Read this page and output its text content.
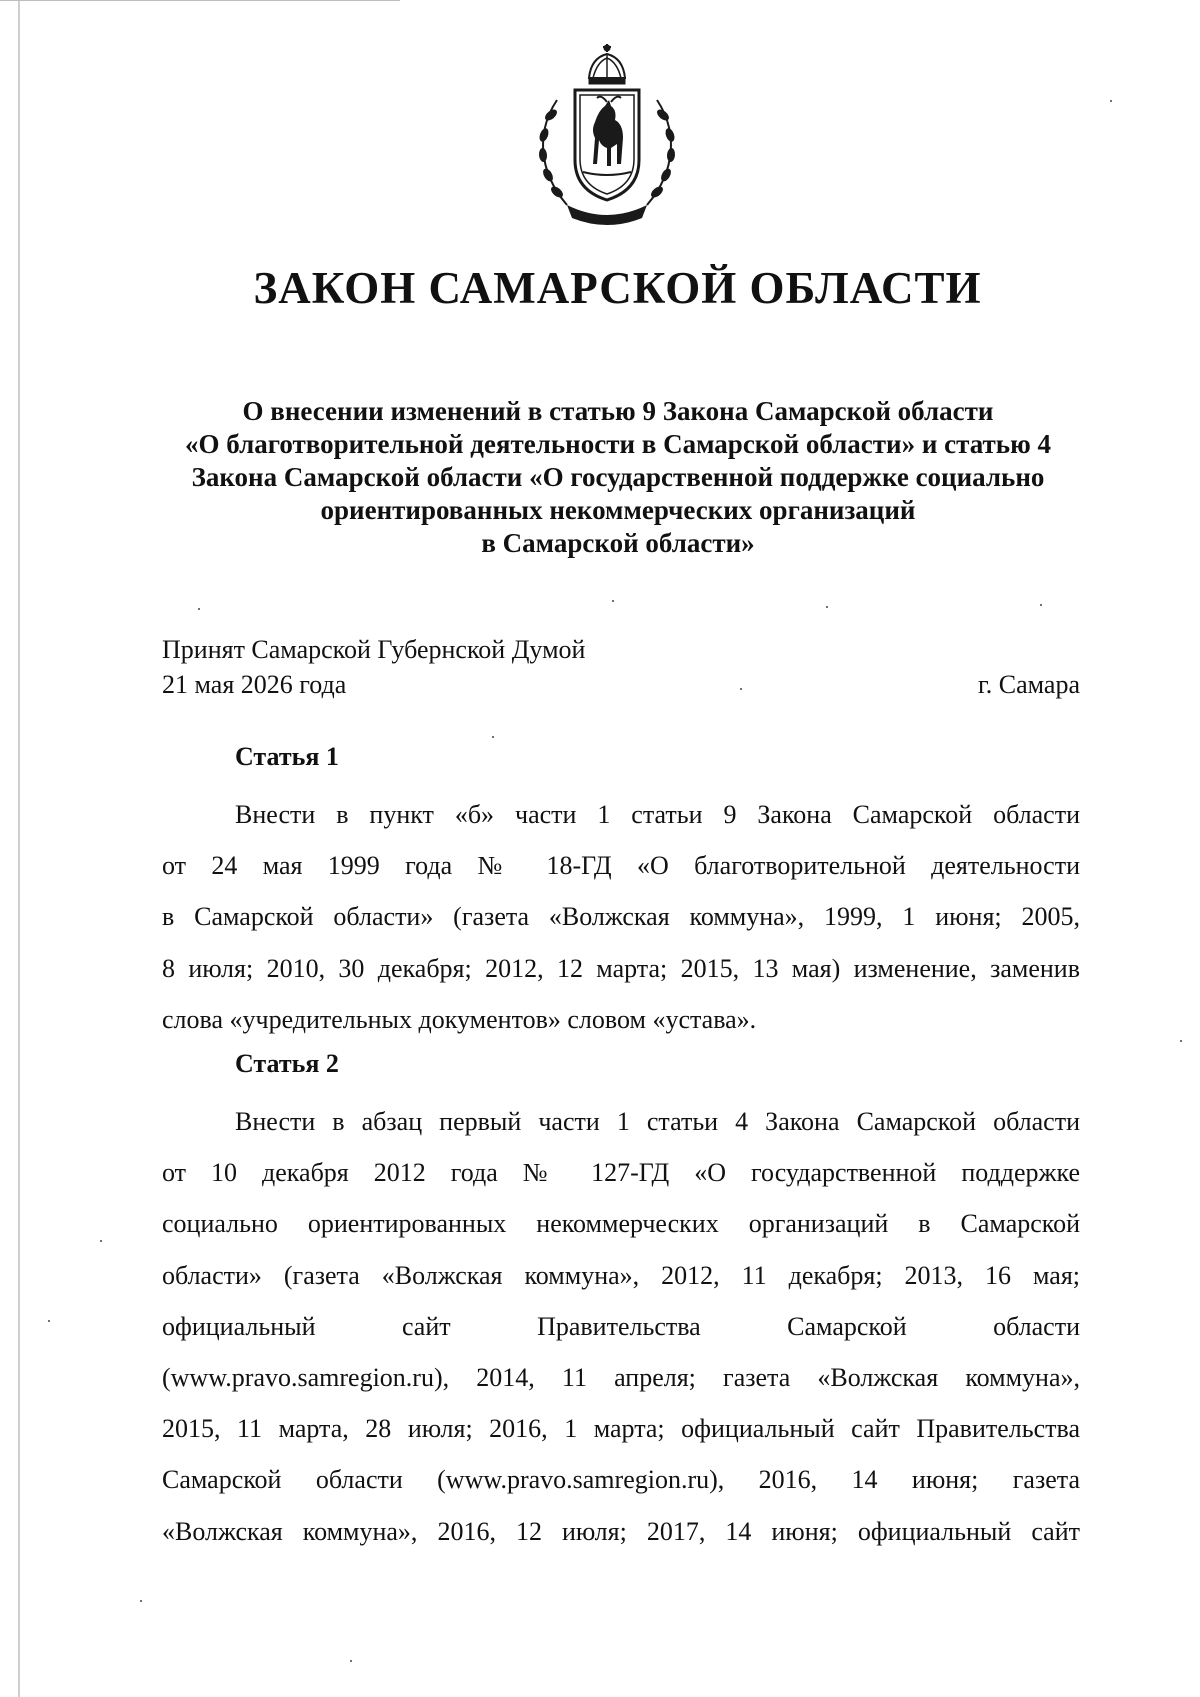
ЗАКОН САМАРСКОЙ ОБЛАСТИ
О внесении изменений в статью 9 Закона Самарской области
«О благотворительной деятельности в Самарской области» и статью 4
Закона Самарской области «О государственной поддержке социально
ориентированных некоммерческих организаций
в Самарской области»
Принят Самарской Губернской Думой
21 мая 2026 года	г. Самара
Статья 1
Внести в пункт «б» части 1 статьи 9 Закона Самарской области
от 24 мая 1999 года № 18-ГД «О благотворительной деятельности
в Самарской области» (газета «Волжская коммуна», 1999, 1 июня; 2005,
8 июля; 2010, 30 декабря; 2012, 12 марта; 2015, 13 мая) изменение, заменив
слова «учредительных документов» словом «устава».
Статья 2
Внести в абзац первый части 1 статьи 4 Закона Самарской области
от 10 декабря 2012 года № 127-ГД «О государственной поддержке
социально ориентированных некоммерческих организаций в Самарской
области» (газета «Волжская коммуна», 2012, 11 декабря; 2013, 16 мая;
официальный сайт Правительства Самарской области
(www.pravo.samregion.ru), 2014, 11 апреля; газета «Волжская коммуна»,
2015, 11 марта, 28 июля; 2016, 1 марта; официальный сайт Правительства
Самарской области (www.pravo.samregion.ru), 2016, 14 июня; газета
«Волжская коммуна», 2016, 12 июля; 2017, 14 июня; официальный сайт
